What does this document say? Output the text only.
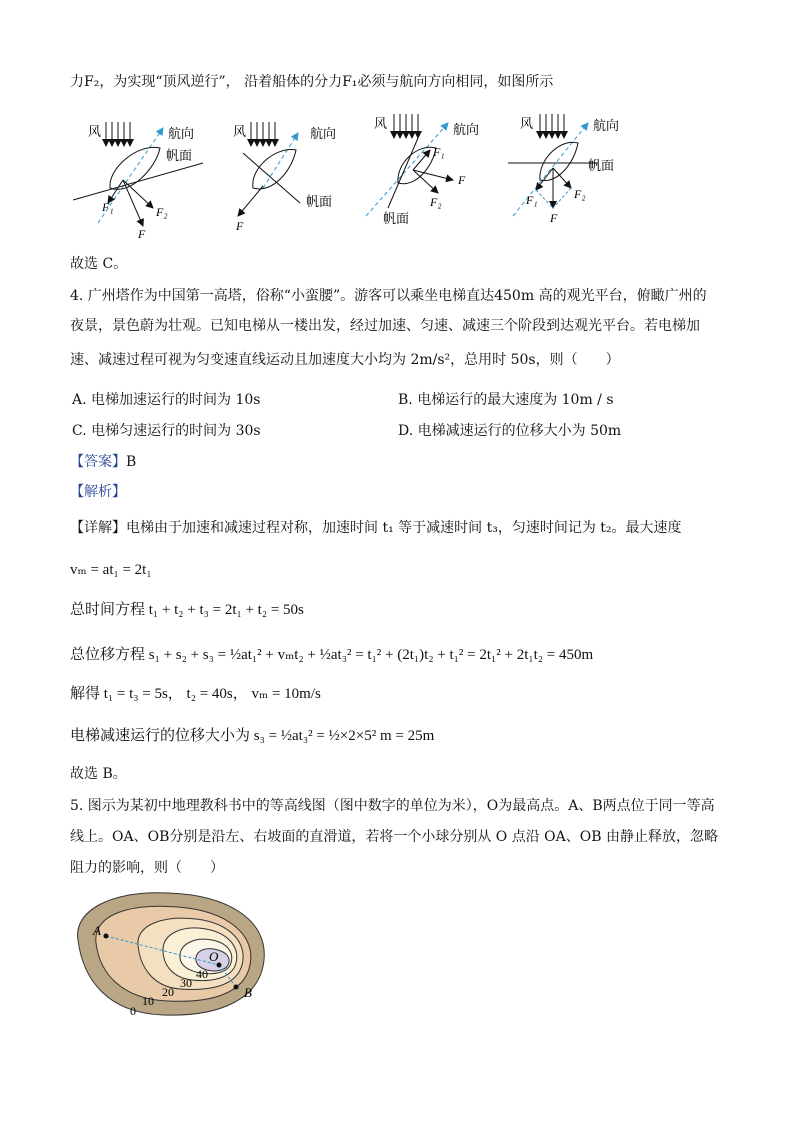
力F₂，为实现“顶风逆行”， 沿着船体的分力F₁必须与航向方向相同，如图所示
风	航向
帆面
F₁	F₂
F
风	航向
帆面
F
风	航向
F₁
F
F₂
帆面
风	航向
帆面
F₁	F₂
F
故选 C。
4. 广州塔作为中国第一高塔，俗称“小蛮腰”。游客可以乘坐电梯直达450m 高的观光平台，俯瞰广州的
夜景，景色蔚为壮观。已知电梯从一楼出发，经过加速、匀速、减速三个阶段到达观光平台。若电梯加
速、减速过程可视为匀变速直线运动且加速度大小均为 2m/s²，总用时 50s，则（　　）
A. 电梯加速运行的时间为 10s	B. 电梯运行的最大速度为 10m / s
C. 电梯匀速运行的时间为 30s	D. 电梯减速运行的位移大小为 50m
【答案】B
【解析】
【详解】电梯由于加速和减速过程对称，加速时间 t₁ 等于减速时间 t₃，匀速时间记为 t₂。最大速度
vₘ = at₁ = 2t₁
总时间方程 t₁ + t₂ + t₃ = 2t₁ + t₂ = 50s
总位移方程 s₁ + s₂ + s₃ = ½at₁² + vₘt₂ + ½at₃² = t₁² + (2t₁)t₂ + t₁² = 2t₁² + 2t₁t₂ = 450m
解得 t₁ = t₃ = 5s， t₂ = 40s， vₘ = 10m/s
电梯减速运行的位移大小为 s₃ = ½at₃² = ½×2×5² m = 25m
故选 B。
5. 图示为某初中地理教科书中的等高线图（图中数字的单位为米），O为最高点。A、B两点位于同一等高
线上。OA、OB分别是沿左、右坡面的直滑道，若将一个小球分别从 O 点沿 OA、OB 由静止释放，忽略
阻力的影响，则（　　）
A
O
B
0
10
20
30
40
